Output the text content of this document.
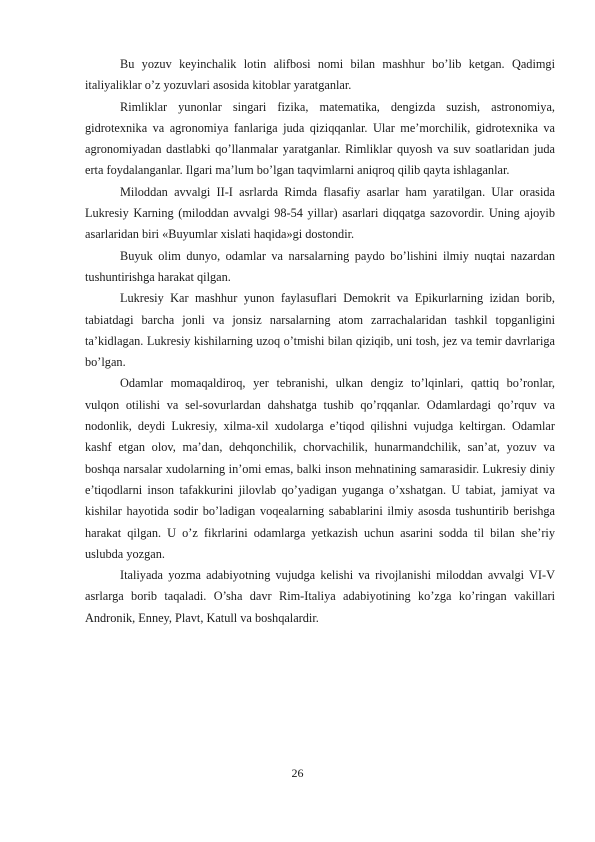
Bu yozuv keyinchalik lotin alifbosi nomi bilan mashhur bo’lib ketgan. Qadimgi italiyaliklar o’z yozuvlari asosida kitoblar yaratganlar.

Rimliklar yunonlar singari fizika, matematika, dengizda suzish, astronomiya, gidrotexnika va agronomiya fanlariga juda qiziqqanlar. Ular me’morchilik, gidrotexnika va agronomiyadan dastlabki qo’llanmalar yaratganlar. Rimliklar quyosh va suv soatlaridan juda erta foydalanganlar. Ilgari ma’lum bo’lgan taqvimlarni aniqroq qilib qayta ishlaganlar.

Miloddan avvalgi II-I asrlarda Rimda flasafiy asarlar ham yaratilgan. Ular orasida Lukresiy Karning (miloddan avvalgi 98-54 yillar) asarlari diqqatga sazovordir. Uning ajoyib asarlaridan biri «Buyumlar xislati haqida»gi dostondir.

Buyuk olim dunyo, odamlar va narsalarning paydo bo’lishini ilmiy nuqtai nazardan tushuntirishga harakat qilgan.

Lukresiy Kar mashhur yunon faylasuflari Demokrit va Epikurlarning izidan borib, tabiatdagi barcha jonli va jonsiz narsalarning atom zarrachalaridan tashkil topganligini ta’kidlagan. Lukresiy kishilarning uzoq o’tmishi bilan qiziqib, uni tosh, jez va temir davrlariga bo’lgan.

Odamlar momaqaldiroq, yer tebranishi, ulkan dengiz to’lqinlari, qattiq bo’ronlar, vulqon otilishi va sel-sovurlardan dahshatga tushib qo’rqqanlar. Odamlardagi qo’rquv va nodonlik, deydi Lukresiy, xilma-xil xudolarga e’tiqod qilishni vujudga keltirgan. Odamlar kashf etgan olov, ma’dan, dehqonchilik, chorvachilik, hunarmandchilik, san’at, yozuv va boshqa narsalar xudolarning in’omi emas, balki inson mehnatining samarasidir. Lukresiy diniy e’tiqodlarni inson tafakkurini jilovlab qo’yadigan yuganga o’xshatgan. U tabiat, jamiyat va kishilar hayotida sodir bo’ladigan voqealarning sabablarini ilmiy asosda tushuntirib berishga harakat qilgan. U o’z fikrlarini odamlarga yetkazish uchun asarini sodda til bilan she’riy uslubda yozgan.

Italiyada yozma adabiyotning vujudga kelishi va rivojlanishi miloddan avvalgi VI-V asrlarga borib taqaladi. O’sha davr Rim-Italiya adabiyotining ko’zga ko’ringan vakillari Andronik, Enney, Plavt, Katull va boshqalardir.

26
